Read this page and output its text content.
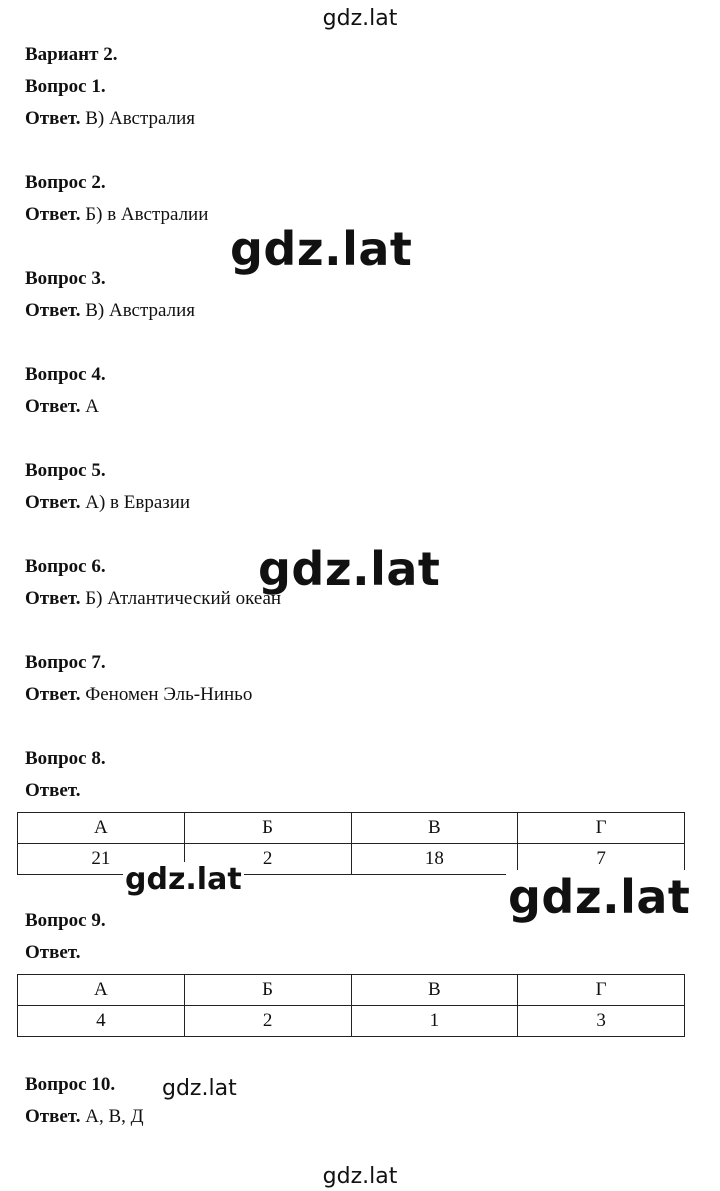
gdz.lat
Вариант 2.
Вопрос 1.
Ответ. В) Австралия
Вопрос 2.
Ответ. Б) в Австралии
Вопрос 3.
Ответ. В) Австралия
Вопрос 4.
Ответ. А
Вопрос 5.
Ответ. А) в Евразии
Вопрос 6.
Ответ. Б) Атлантический океан
Вопрос 7.
Ответ. Феномен Эль-Ниньо
Вопрос 8.
Ответ.
А	Б	В	Г
21	2	18	7
Вопрос 9.
Ответ.
А	Б	В	Г
4	2	1	3
Вопрос 10.
Ответ. А, В, Д
gdz.lat
gdz.lat
gdz.lat	gdz.lat
gdz.lat
gdz.lat
